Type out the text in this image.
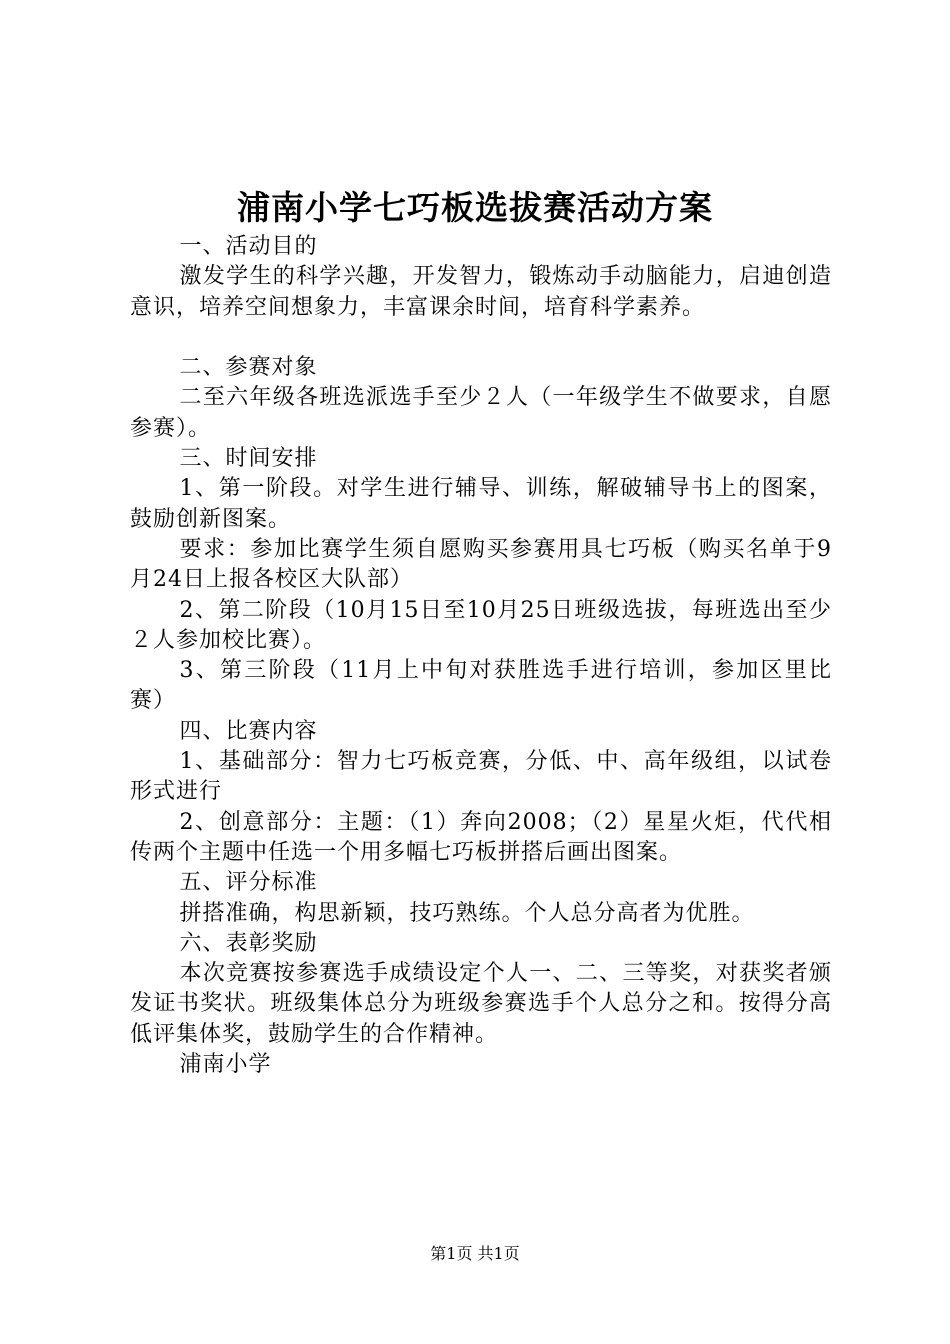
浦南小学七巧板选拔赛活动方案

一、活动目的

激发学生的科学兴趣，开发智力，锻炼动手动脑能力，启迪创造意识，培养空间想象力，丰富课余时间，培育科学素养。

二、参赛对象

二至六年级各班选派选手至少２人（一年级学生不做要求，自愿参赛）。

三、时间安排

1、第一阶段。对学生进行辅导、训练，解破辅导书上的图案，鼓励创新图案。

要求：参加比赛学生须自愿购买参赛用具七巧板（购买名单于9月24日上报各校区大队部）

2、第二阶段（10月15日至10月25日班级选拔，每班选出至少２人参加校比赛）。

3、第三阶段（11月上中旬对获胜选手进行培训，参加区里比赛）

四、比赛内容

1、基础部分：智力七巧板竞赛，分低、中、高年级组，以试卷形式进行

2、创意部分：主题：（1）奔向2008；（2）星星火炬，代代相传两个主题中任选一个用多幅七巧板拼搭后画出图案。

五、评分标准

拼搭准确，构思新颖，技巧熟练。个人总分高者为优胜。

六、表彰奖励

本次竞赛按参赛选手成绩设定个人一、二、三等奖，对获奖者颁发证书奖状。班级集体总分为班级参赛选手个人总分之和。按得分高低评集体奖，鼓励学生的合作精神。

浦南小学

第1页 共1页
